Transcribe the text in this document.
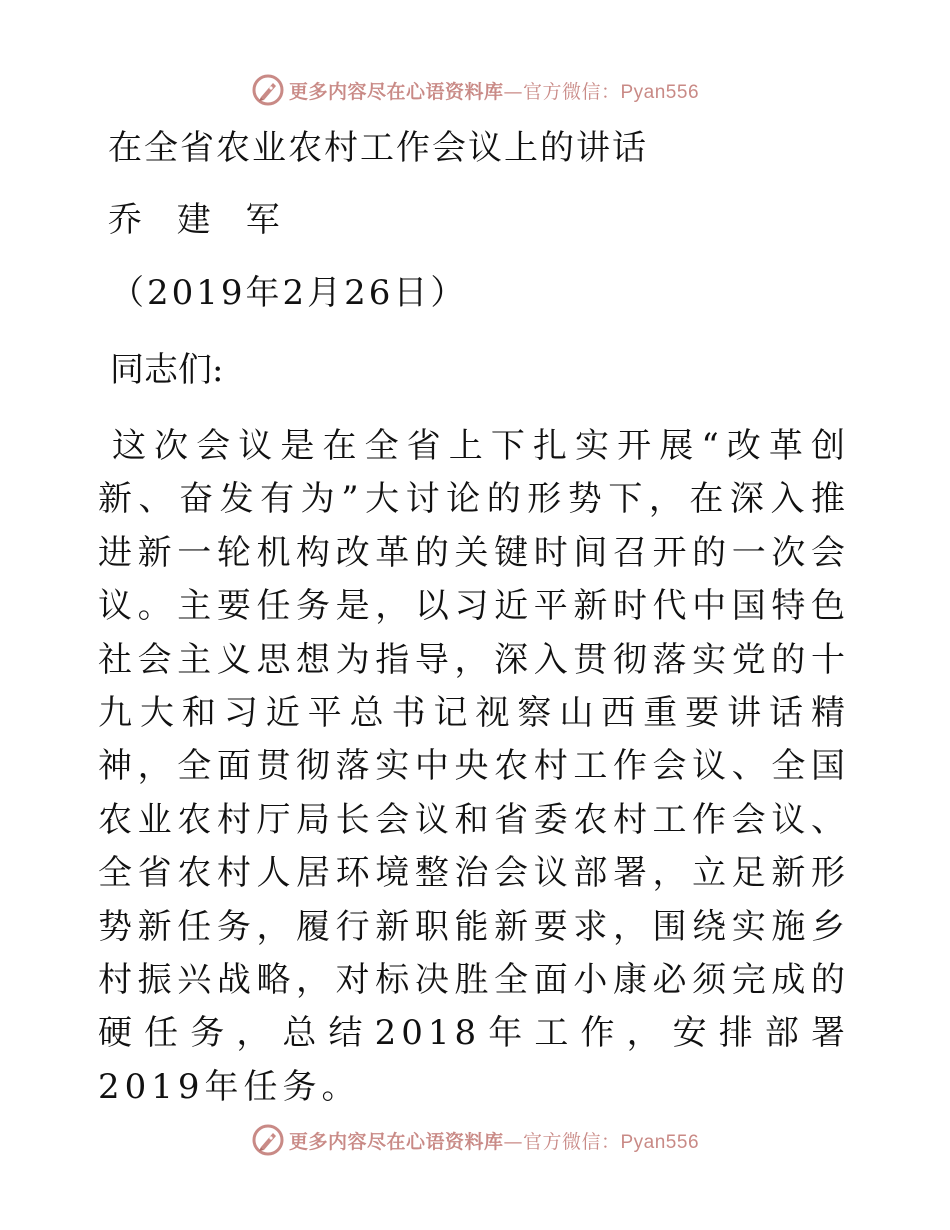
更多内容尽在心语资料库—官方微信：Pyan556
在全省农业农村工作会议上的讲话
乔 建 军
（2019年2月26日）
同志们:

这次会议是在全省上下扎实开展“改革创新、奋发有为”大讨论的形势下，在深入推进新一轮机构改革的关键时间召开的一次会议。主要任务是，以习近平新时代中国特色社会主义思想为指导，深入贯彻落实党的十九大和习近平总书记视察山西重要讲话精神，全面贯彻落实中央农村工作会议、全国农业农村厅局长会议和省委农村工作会议、全省农村人居环境整治会议部署，立足新形势新任务，履行新职能新要求，围绕实施乡村振兴战略，对标决胜全面小康必须完成的硬任务，总结2018年工作，安排部署2019年任务。

更多内容尽在心语资料库—官方微信：Pyan556
